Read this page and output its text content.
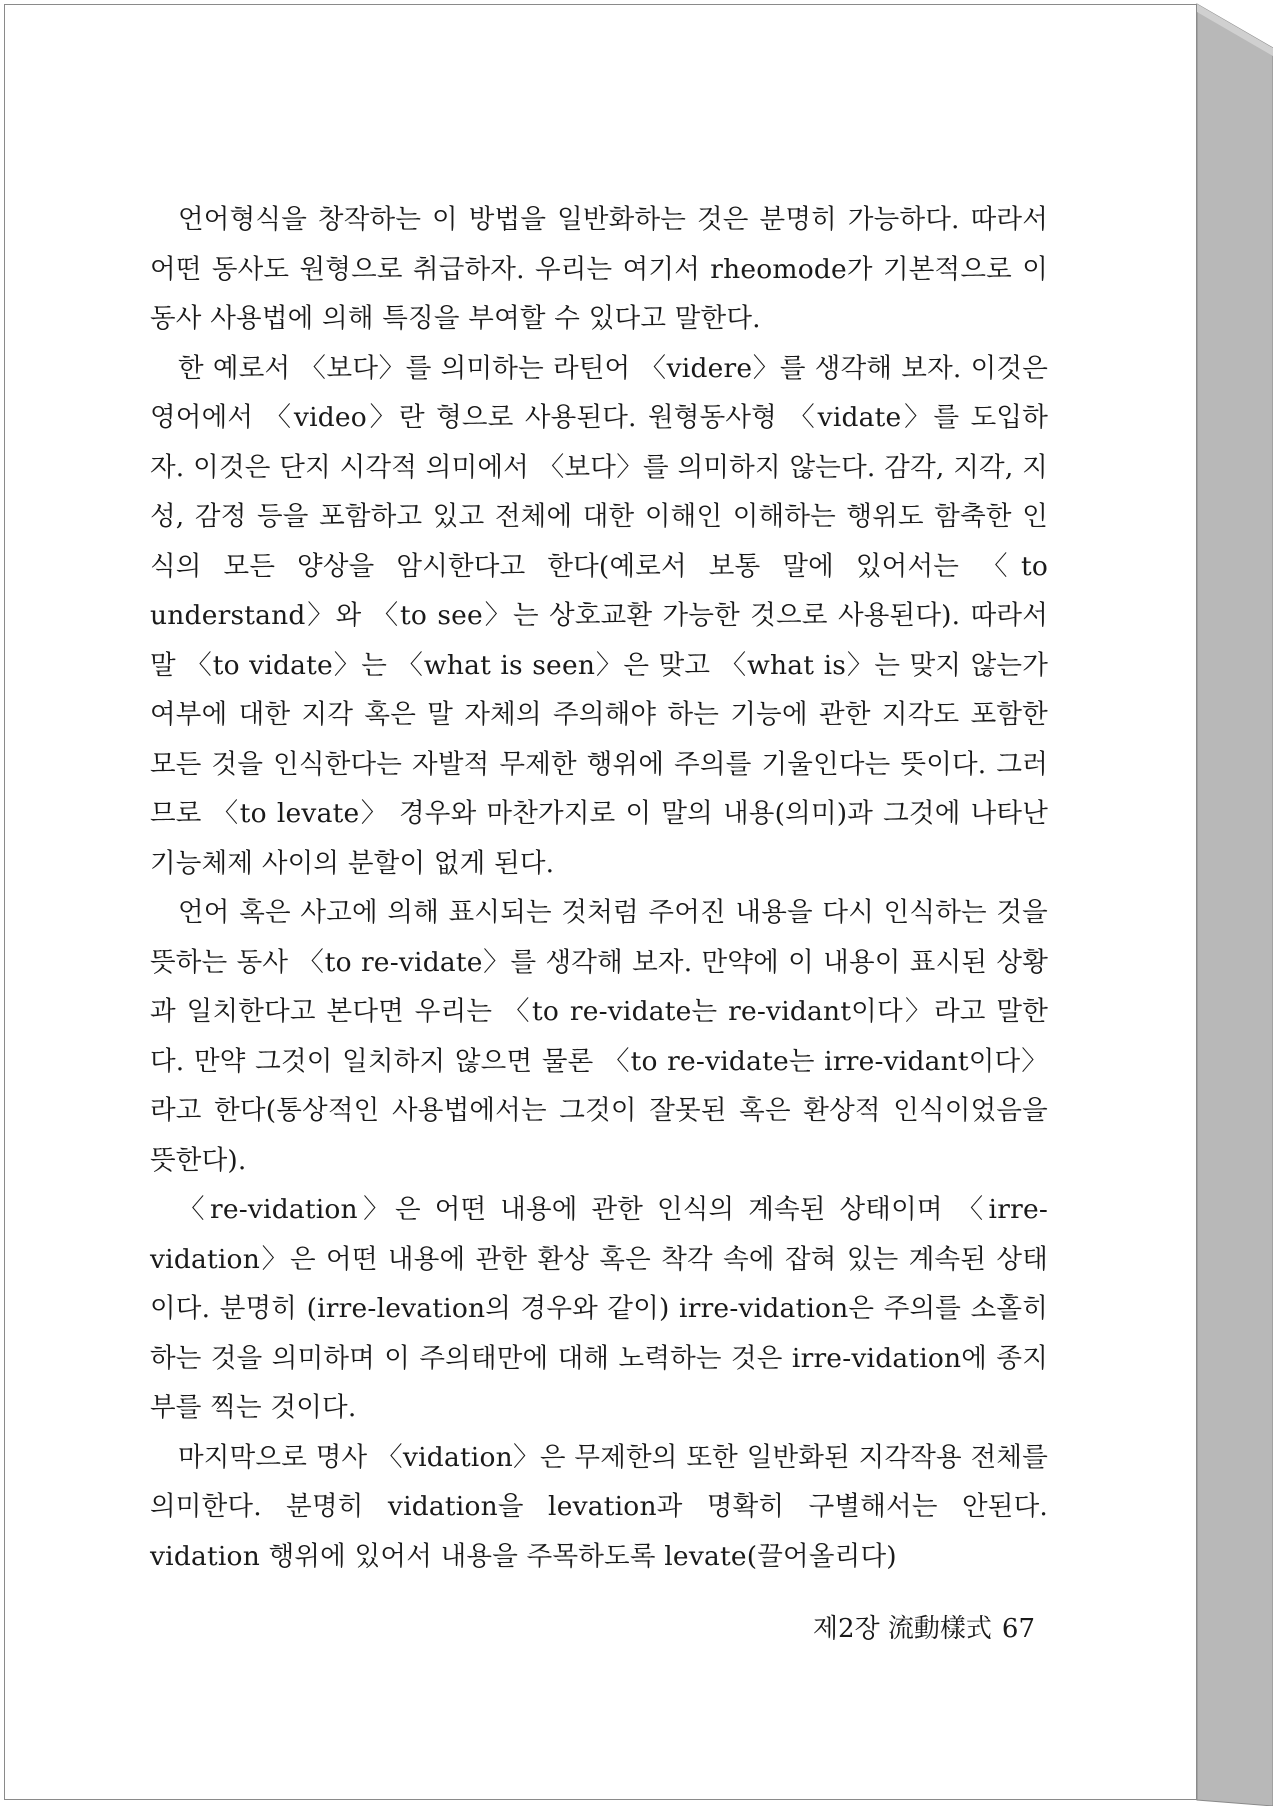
언어형식을 창작하는 이 방법을 일반화하는 것은 분명히 가능하다. 따라서 어떤 동사도 원형으로 취급하자. 우리는 여기서 rheomode가 기본적으로 이 동사 사용법에 의해 특징을 부여할 수 있다고 말한다.

한 예로서 〈보다〉를 의미하는 라틴어 〈videre〉를 생각해 보자. 이것은 영어에서 〈video〉란 형으로 사용된다. 원형동사형 〈vidate〉를 도입하자. 이것은 단지 시각적 의미에서 〈보다〉를 의미하지 않는다. 감각, 지각, 지성, 감정 등을 포함하고 있고 전체에 대한 이해인 이해하는 행위도 함축한 인식의 모든 양상을 암시한다고 한다(예로서 보통 말에 있어서는 〈to understand〉와 〈to see〉는 상호교환 가능한 것으로 사용된다). 따라서 말 〈to vidate〉는 〈what is seen〉은 맞고 〈what is〉는 맞지 않는가 여부에 대한 지각 혹은 말 자체의 주의해야 하는 기능에 관한 지각도 포함한 모든 것을 인식한다는 자발적 무제한 행위에 주의를 기울인다는 뜻이다. 그러므로 〈to levate〉 경우와 마찬가지로 이 말의 내용(의미)과 그것에 나타난 기능체제 사이의 분할이 없게 된다.

언어 혹은 사고에 의해 표시되는 것처럼 주어진 내용을 다시 인식하는 것을 뜻하는 동사 〈to re-vidate〉를 생각해 보자. 만약에 이 내용이 표시된 상황과 일치한다고 본다면 우리는 〈to re-vidate는 re-vidant이다〉라고 말한다. 만약 그것이 일치하지 않으면 물론 〈to re-vidate는 irre-vidant이다〉라고 한다(통상적인 사용법에서는 그것이 잘못된 혹은 환상적 인식이었음을 뜻한다).

〈re-vidation〉은 어떤 내용에 관한 인식의 계속된 상태이며 〈irre-vidation〉은 어떤 내용에 관한 환상 혹은 착각 속에 잡혀 있는 계속된 상태이다. 분명히 (irre-levation의 경우와 같이) irre-vidation은 주의를 소홀히 하는 것을 의미하며 이 주의태만에 대해 노력하는 것은 irre-vidation에 종지부를 찍는 것이다.

마지막으로 명사 〈vidation〉은 무제한의 또한 일반화된 지각작용 전체를 의미한다. 분명히 vidation을 levation과 명확히 구별해서는 안된다. vidation 행위에 있어서 내용을 주목하도록 levate(끌어올리다)

제2장 流動樣式 67
